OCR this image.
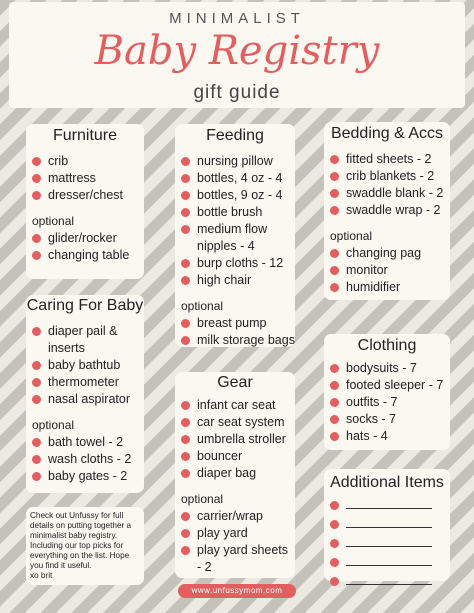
MINIMALIST
Baby Registry
gift guide
Furniture
crib
mattress
dresser/chest
optional
glider/rocker
changing table
Feeding
nursing pillow
bottles, 4 oz - 4
bottles, 9 oz - 4
bottle brush
medium flow nipples - 4
burp cloths - 12
high chair
optional
breast pump
milk storage bags
Bedding & Accs
fitted sheets - 2
crib blankets - 2
swaddle blank - 2
swaddle wrap - 2
optional
changing pag
monitor
humidifier
Caring For Baby
diaper pail & inserts
baby bathtub
thermometer
nasal aspirator
optional
bath towel - 2
wash cloths - 2
baby gates - 2
Gear
infant car seat
car seat system
umbrella stroller
bouncer
diaper bag
optional
carrier/wrap
play yard
play yard sheets - 2
Clothing
bodysuits - 7
footed sleeper - 7
outfits - 7
socks - 7
hats - 4
Additional Items
Check out Unfussy for full details on putting together a minimalist baby registry. Including our top picks for everything on the list. Hope you find it useful.
xo brit
www.unfussymom.com
